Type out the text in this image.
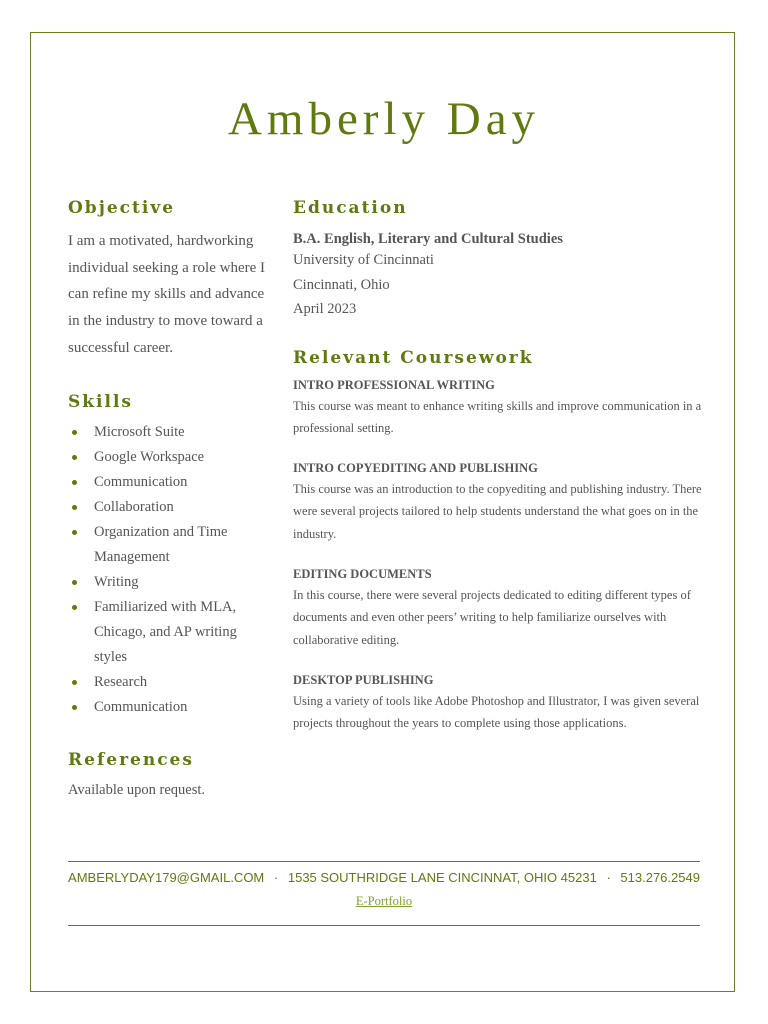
Amberly Day
Objective

I am a motivated, hardworking individual seeking a role where I can refine my skills and advance in the industry to move toward a successful career.

Skills
Microsoft Suite
Google Workspace
Communication
Collaboration
Organization and Time Management
Writing
Familiarized with MLA, Chicago, and AP writing styles
Research
Communication
References

Available upon request.

Education

B.A. English, Literary and Cultural Studies

University of Cincinnati

Cincinnati, Ohio

April 2023

Relevant Coursework

INTRO PROFESSIONAL WRITING

This course was meant to enhance writing skills and improve communication in a professional setting.

INTRO COPYEDITING AND PUBLISHING

This course was an introduction to the copyediting and publishing industry. There were several projects tailored to help students understand the what goes on in the industry.

EDITING DOCUMENTS

In this course, there were several projects dedicated to editing different types of documents and even other peers’ writing to help familiarize ourselves with collaborative editing.

DESKTOP PUBLISHING

Using a variety of tools like Adobe Photoshop and Illustrator, I was given several projects throughout the years to complete using those applications.

AMBERLYDAY179@GMAIL.COM · 1535 SOUTHRIDGE LANE CINCINNAT, OHIO 45231 · 513.276.2549
E-Portfolio
